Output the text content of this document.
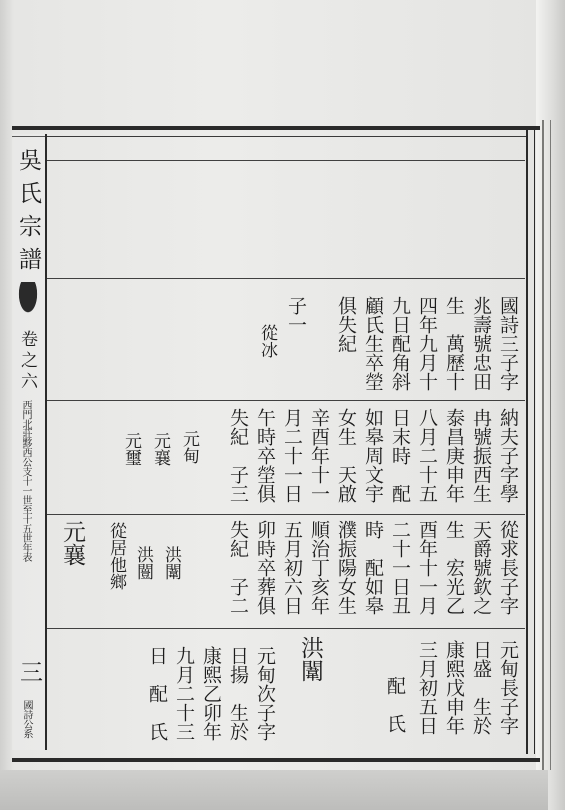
吳氏宗譜
卷之六
西門北莊黟西公支十一世至十五世年表
三
國詩公系
國詩三子字
兆壽號忠田
生　萬歷十
四年九月十
九日配角斜
顧氏生卒塋
俱失紀
子一
從冰
納夫子字學
冉號振西生
泰昌庚申年
八月二十五
日末時　配
如皋周文宇
女生　天啟
辛酉年十一
月二十一日
午時卒塋俱
失紀　子三
元甸
元襄
元璽
從求長子字
天爵號欽之
生　宏光乙
酉年十一月
二十一日丑
時　配如皋
濮振陽女生
順治丁亥年
五月初六日
卯時卒葬俱
失紀　子二
洪闈
洪闓
從居他鄉
元襄
元甸長子字
日盛　生於
康熙戊申年
三月初五日
配　氏
洪闈
元甸次子字
日揚　生於
康熙乙卯年
九月二十三
日　配　氏
